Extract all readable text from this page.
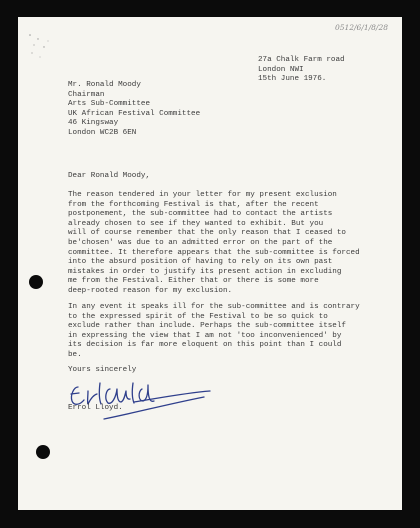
0512/6/1/8/28

27a Chalk Farm road

London NWI

15th June 1976.

Mr. Ronald Moody

Chairman

Arts Sub-Committee

UK African Festival Committee

46 Kingsway

London WC2B 6EN

Dear Ronald Moody,

The reason tendered in your letter for my present exclusion

from the forthcoming Festival is that, after the recent

postponement, the sub-committee had to contact the artists

already chosen to see if they wanted to exhibit. But you

will of course remember that the only reason that I ceased to

be'chosen' was due to an admitted error on the part of the

committee. It therefore appears that the sub-committee is forced

into the absurd position of having to rely on its own past

mistakes in order to justify its present action in excluding

me from the Festival. Either that or there is some more

deep-rooted reason for my exclusion.

In any event it speaks ill for the sub-committee and is contrary

to the expressed spirit of the Festival to be so quick to

exclude rather than include. Perhaps the sub-committee itself

in expressing the view that I am not 'too inconvenienced' by

its decision is far more eloquent on this point than I could

be.

Yours sincerely

Errol Lloyd.
